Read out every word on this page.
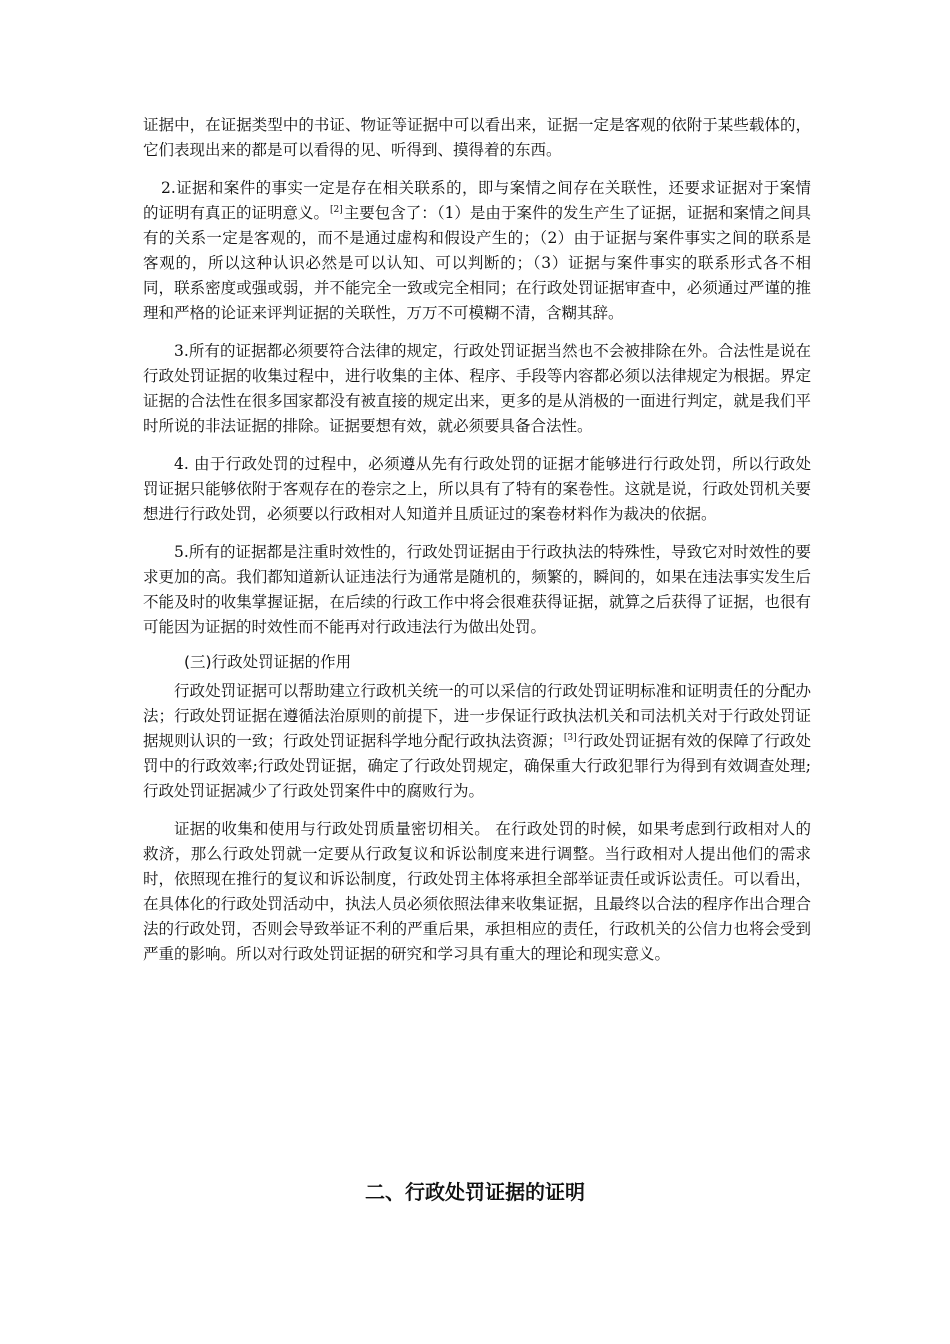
证据中，在证据类型中的书证、物证等证据中可以看出来，证据一定是客观的依附于某些载体的，它们表现出来的都是可以看得的见、听得到、摸得着的东西。

2.证据和案件的事实一定是存在相关联系的，即与案情之间存在关联性，还要求证据对于案情的证明有真正的证明意义。[2]主要包含了：（1）是由于案件的发生产生了证据，证据和案情之间具有的关系一定是客观的，而不是通过虚构和假设产生的；（2）由于证据与案件事实之间的联系是客观的，所以这种认识必然是可以认知、可以判断的；（3）证据与案件事实的联系形式各不相同，联系密度或强或弱，并不能完全一致或完全相同；在行政处罚证据审查中，必须通过严谨的推理和严格的论证来评判证据的关联性，万万不可模糊不清，含糊其辞。

3.所有的证据都必须要符合法律的规定，行政处罚证据当然也不会被排除在外。合法性是说在行政处罚证据的收集过程中，进行收集的主体、程序、手段等内容都必须以法律规定为根据。界定证据的合法性在很多国家都没有被直接的规定出来，更多的是从消极的一面进行判定，就是我们平时所说的非法证据的排除。证据要想有效，就必须要具备合法性。

4. 由于行政处罚的过程中，必须遵从先有行政处罚的证据才能够进行行政处罚，所以行政处罚证据只能够依附于客观存在的卷宗之上，所以具有了特有的案卷性。这就是说，行政处罚机关要想进行行政处罚，必须要以行政相对人知道并且质证过的案卷材料作为裁决的依据。

5.所有的证据都是注重时效性的，行政处罚证据由于行政执法的特殊性，导致它对时效性的要求更加的高。我们都知道新认证违法行为通常是随机的，频繁的，瞬间的，如果在违法事实发生后不能及时的收集掌握证据，在后续的行政工作中将会很难获得证据，就算之后获得了证据，也很有可能因为证据的时效性而不能再对行政违法行为做出处罚。

(三)行政处罚证据的作用

行政处罚证据可以帮助建立行政机关统一的可以采信的行政处罚证明标准和证明责任的分配办法；行政处罚证据在遵循法治原则的前提下，进一步保证行政执法机关和司法机关对于行政处罚证据规则认识的一致；行政处罚证据科学地分配行政执法资源；[3]行政处罚证据有效的保障了行政处罚中的行政效率;行政处罚证据，确定了行政处罚规定，确保重大行政犯罪行为得到有效调查处理;行政处罚证据减少了行政处罚案件中的腐败行为。

证据的收集和使用与行政处罚质量密切相关。 在行政处罚的时候，如果考虑到行政相对人的救济，那么行政处罚就一定要从行政复议和诉讼制度来进行调整。当行政相对人提出他们的需求时，依照现在推行的复议和诉讼制度，行政处罚主体将承担全部举证责任或诉讼责任。可以看出，在具体化的行政处罚活动中，执法人员必须依照法律来收集证据，且最终以合法的程序作出合理合法的行政处罚，否则会导致举证不利的严重后果，承担相应的责任，行政机关的公信力也将会受到严重的影响。所以对行政处罚证据的研究和学习具有重大的理论和现实意义。

二、行政处罚证据的证明
